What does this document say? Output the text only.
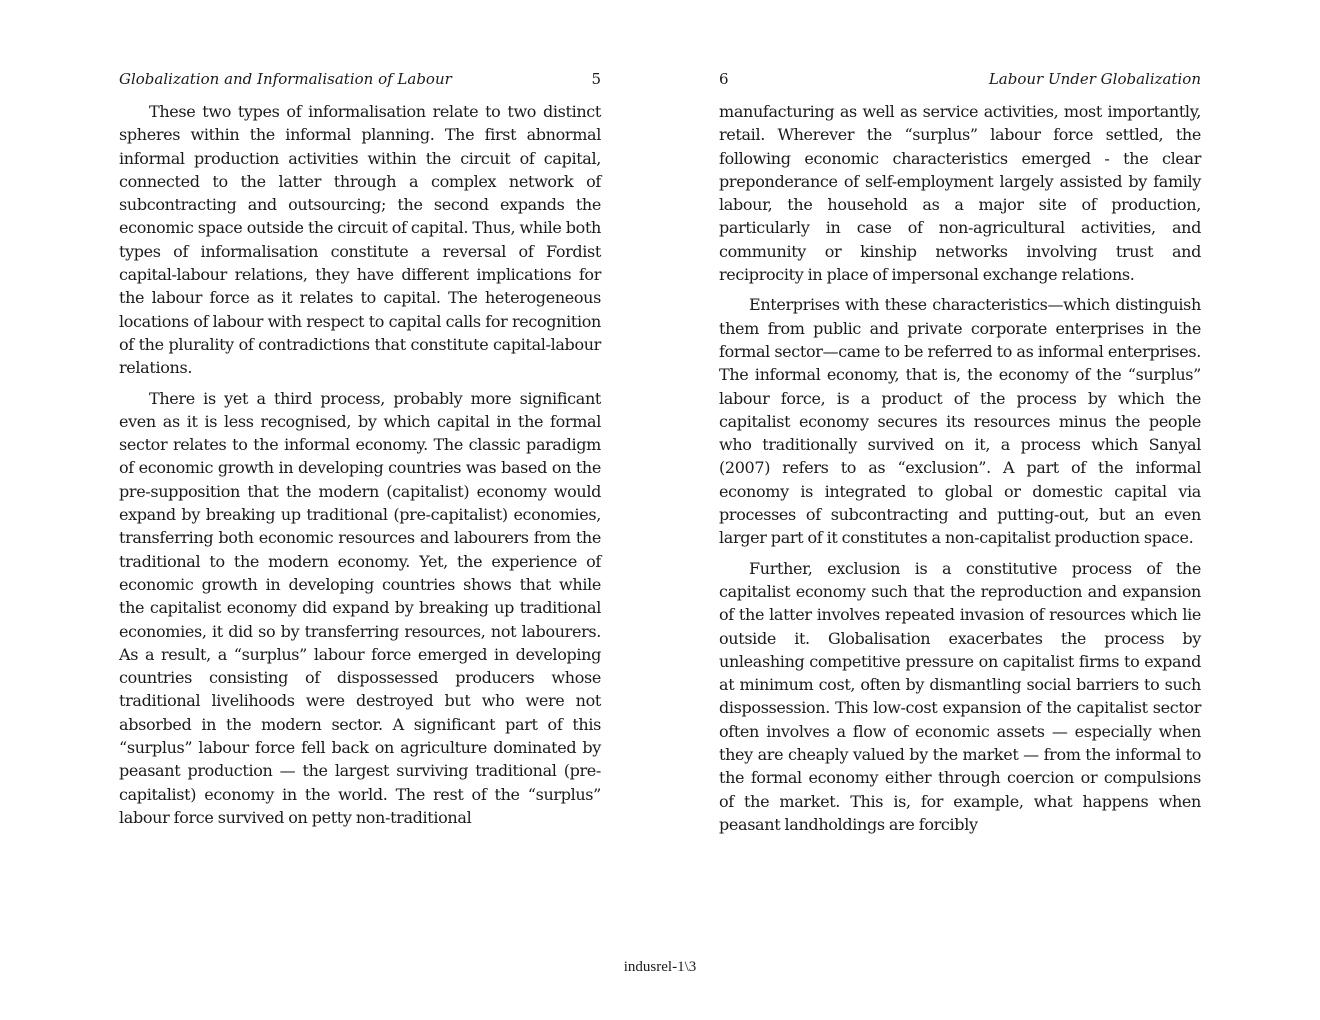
Globalization and Informalisation of Labour	5

These two types of informalisation relate to two distinct spheres within the informal planning. The first abnormal informal production activities within the circuit of capital, connected to the latter through a complex network of subcontracting and outsourcing; the second expands the economic space outside the circuit of capital. Thus, while both types of informalisation constitute a reversal of Fordist capital-labour relations, they have different implications for the labour force as it relates to capital. The heterogeneous locations of labour with respect to capital calls for recognition of the plurality of contradictions that constitute capital-labour relations.

There is yet a third process, probably more significant even as it is less recognised, by which capital in the formal sector relates to the informal economy. The classic paradigm of economic growth in developing countries was based on the pre-supposition that the modern (capitalist) economy would expand by breaking up traditional (pre-capitalist) economies, transferring both economic resources and labourers from the traditional to the modern economy. Yet, the experience of economic growth in developing countries shows that while the capitalist economy did expand by breaking up traditional economies, it did so by transferring resources, not labourers. As a result, a “surplus” labour force emerged in developing countries consisting of dispossessed producers whose traditional livelihoods were destroyed but who were not absorbed in the modern sector. A significant part of this “surplus” labour force fell back on agriculture dominated by peasant production — the largest surviving traditional (pre-capitalist) economy in the world. The rest of the “surplus” labour force survived on petty non-traditional

6	Labour Under Globalization

manufacturing as well as service activities, most importantly, retail. Wherever the “surplus” labour force settled, the following economic characteristics emerged - the clear preponderance of self-employment largely assisted by family labour, the household as a major site of production, particularly in case of non-agricultural activities, and community or kinship networks involving trust and reciprocity in place of impersonal exchange relations.

Enterprises with these characteristics—which distinguish them from public and private corporate enterprises in the formal sector—came to be referred to as informal enterprises. The informal economy, that is, the economy of the “surplus” labour force, is a product of the process by which the capitalist economy secures its resources minus the people who traditionally survived on it, a process which Sanyal (2007) refers to as “exclusion”. A part of the informal economy is integrated to global or domestic capital via processes of subcontracting and putting-out, but an even larger part of it constitutes a non-capitalist production space.

Further, exclusion is a constitutive process of the capitalist economy such that the reproduction and expansion of the latter involves repeated invasion of resources which lie outside it. Globalisation exacerbates the process by unleashing competitive pressure on capitalist firms to expand at minimum cost, often by dismantling social barriers to such dispossession. This low-cost expansion of the capitalist sector often involves a flow of economic assets — especially when they are cheaply valued by the market — from the informal to the formal economy either through coercion or compulsions of the market. This is, for example, what happens when peasant landholdings are forcibly

indusrel-1\3
